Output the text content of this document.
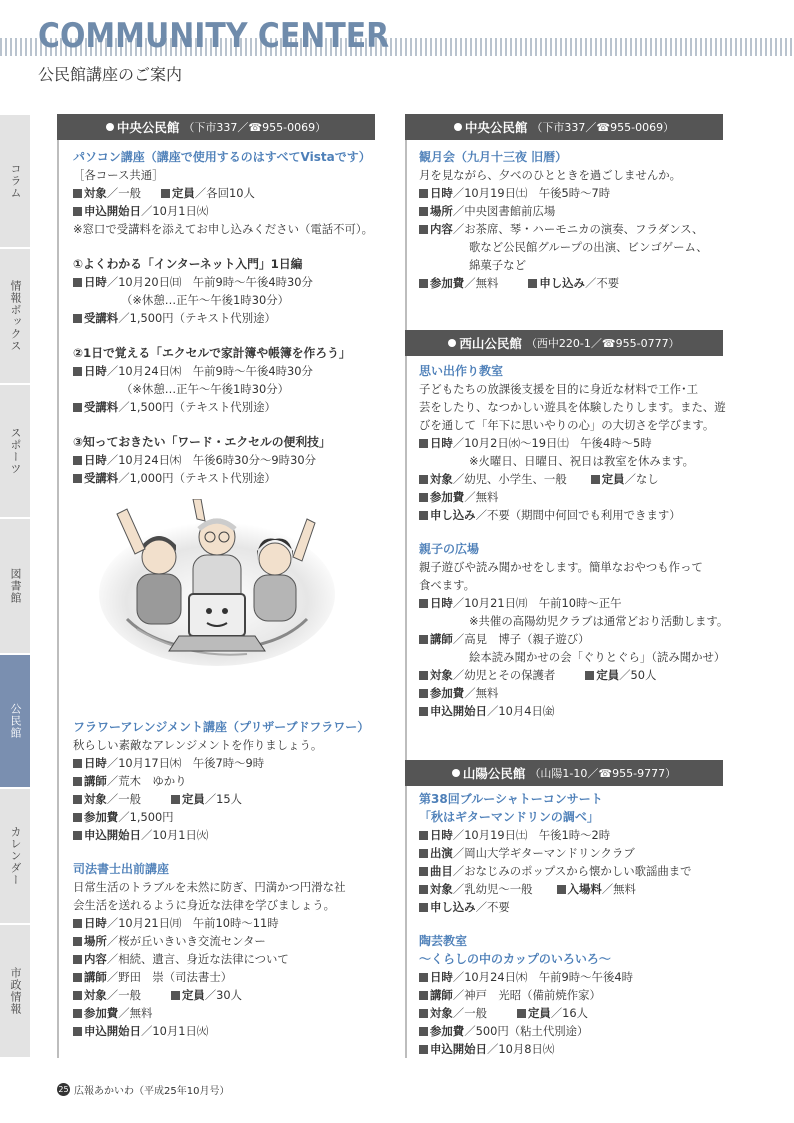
COMMUNITY CENTER
公民館講座のご案内
コラム
情報ボックス
スポーツ
図書館
公民館
カレンダー
市政情報
中央公民館 （下市337／☎955-0069）
パソコン講座（講座で使用するのはすべてVistaです）
［各コース共通］
対象／一般	定員／各回10人
申込開始日／10月1日㈫
※窓口で受講料を添えてお申し込みください（電話不可）。
①よくわかる「インターネット入門」1日編
日時／10月20日㈰　午前9時～午後4時30分
（※休憩…正午～午後1時30分）
受講料／1,500円（テキスト代別途）
②1日で覚える「エクセルで家計簿や帳簿を作ろう」
日時／10月24日㈭　午前9時～午後4時30分
（※休憩…正午～午後1時30分）
受講料／1,500円（テキスト代別途）
③知っておきたい「ワード・エクセルの便利技」
日時／10月24日㈭　午後6時30分～9時30分
受講料／1,000円（テキスト代別途）
フラワーアレンジメント講座（プリザーブドフラワー）
秋らしい素敵なアレンジメントを作りましょう。
日時／10月17日㈭　午後7時～9時
講師／荒木　ゆかり
対象／一般	定員／15人
参加費／1,500円
申込開始日／10月1日㈫
司法書士出前講座
日常生活のトラブルを未然に防ぎ、円満かつ円滑な社
会生活を送れるように身近な法律を学びましょう。
日時／10月21日㈪　午前10時～11時
場所／桜が丘いきいき交流センター
内容／相続、遺言、身近な法律について
講師／野田　崇（司法書士）
対象／一般	定員／30人
参加費／無料
申込開始日／10月1日㈫
中央公民館 （下市337／☎955-0069）
観月会（九月十三夜 旧暦）
月を見ながら、夕べのひとときを過ごしませんか。
日時／10月19日㈯　午後5時～7時
場所／中央図書館前広場
内容／お茶席、琴・ハーモニカの演奏、フラダンス、
歌など公民館グループの出演、ビンゴゲーム、
綿菓子など
参加費／無料	申し込み／不要
西山公民館 （西中220-1／☎955-0777）
思い出作り教室
子どもたちの放課後支援を目的に身近な材料で工作･工
芸をしたり、なつかしい遊具を体験したりします。また、遊
びを通して「年下に思いやりの心」の大切さを学びます。
日時／10月2日㈬～19日㈯　午後4時～5時
※火曜日、日曜日、祝日は教室を休みます。
対象／幼児、小学生、一般	定員／なし
参加費／無料
申し込み／不要（期間中何回でも利用できます）
親子の広場
親子遊びや読み聞かせをします。簡単なおやつも作って
食べます。
日時／10月21日㈪　午前10時～正午
※共催の高陽幼児クラブは通常どおり活動します。
講師／高見　博子（親子遊び）
絵本読み聞かせの会「ぐりとぐら」（読み聞かせ）
対象／幼児とその保護者	定員／50人
参加費／無料
申込開始日／10月4日㈮
山陽公民館 （山陽1-10／☎955-9777）
第38回ブルーシャトーコンサート
「秋はギターマンドリンの調べ」
日時／10月19日㈯　午後1時～2時
出演／岡山大学ギターマンドリンクラブ
曲目／おなじみのポップスから懐かしい歌謡曲まで
対象／乳幼児～一般	入場料／無料
申し込み／不要
陶芸教室
～くらしの中のカップのいろいろ～
日時／10月24日㈭　午前9時～午後4時
講師／神戸　光昭（備前焼作家）
対象／一般	定員／16人
参加費／500円（粘土代別途）
申込開始日／10月8日㈫
25 広報あかいわ（平成25年10月号）
